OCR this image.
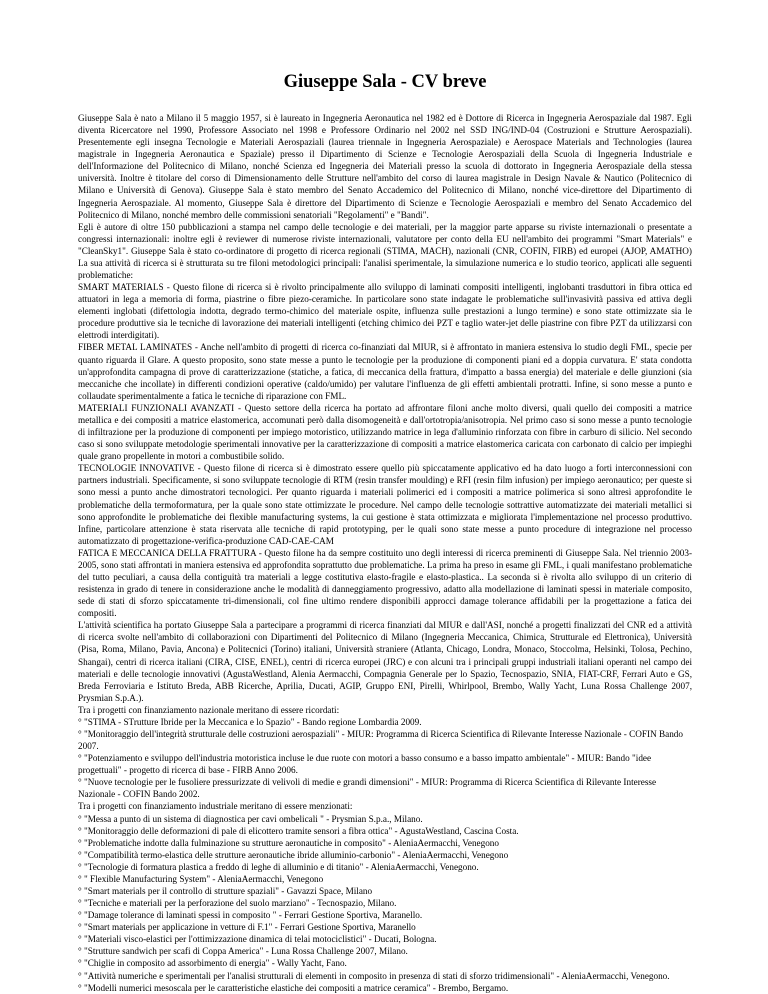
Giuseppe Sala - CV breve

Giuseppe Sala è nato a Milano il 5 maggio 1957, si è laureato in Ingegneria Aeronautica nel 1982 ed è Dottore di Ricerca in Ingegneria Aerospaziale dal 1987. Egli diventa Ricercatore nel 1990, Professore Associato nel 1998 e Professore Ordinario nel 2002 nel SSD ING/IND-04 (Costruzioni e Strutture Aerospaziali). Presentemente egli insegna Tecnologie e Materiali Aerospaziali (laurea triennale in Ingegneria Aerospaziale) e Aerospace Materials and Technologies (laurea magistrale in Ingegneria Aeronautica e Spaziale) presso il Dipartimento di Scienze e Tecnologie Aerospaziali della Scuola di Ingegneria Industriale e dell'Informazione del Politecnico di Milano, nonché Scienza ed Ingegneria dei Materiali presso la scuola di dottorato in Ingegneria Aerospaziale della stessa università. Inoltre è titolare del corso di Dimensionamento delle Strutture nell'ambito del corso di laurea magistrale in Design Navale & Nautico (Politecnico di Milano e Università di Genova). Giuseppe Sala è stato membro del Senato Accademico del Politecnico di Milano, nonché vice-direttore del Dipartimento di Ingegneria Aerospaziale. Al momento, Giuseppe Sala è direttore del Dipartimento di Scienze e Tecnologie Aerospaziali e membro del Senato Accademico del Politecnico di Milano, nonché membro delle commissioni senatoriali "Regolamenti" e "Bandi".

Egli è autore di oltre 150 pubblicazioni a stampa nel campo delle tecnologie e dei materiali, per la maggior parte apparse su riviste internazionali o presentate a congressi internazionali: inoltre egli è reviewer di numerose riviste internazionali, valutatore per conto della EU nell'ambito dei programmi "Smart Materials" e "CleanSky1". Giuseppe Sala è stato co-ordinatore di progetto di ricerca regionali (STIMA, MACH), nazionali (CNR, COFIN, FIRB) ed europei (AJOP, AMATHO) La sua attività di ricerca si è strutturata su tre filoni metodologici principali: l'analisi sperimentale, la simulazione numerica e lo studio teorico, applicati alle seguenti problematiche:

SMART MATERIALS - Questo filone di ricerca si è rivolto principalmente allo sviluppo di laminati compositi intelligenti, inglobanti trasduttori in fibra ottica ed attuatori in lega a memoria di forma, piastrine o fibre piezo-ceramiche. In particolare sono state indagate le problematiche sull'invasività passiva ed attiva degli elementi inglobati (difettologia indotta, degrado termo-chimico del materiale ospite, influenza sulle prestazioni a lungo termine) e sono state ottimizzate sia le procedure produttive sia le tecniche di lavorazione dei materiali intelligenti (etching chimico dei PZT e taglio water-jet delle piastrine con fibre PZT da utilizzarsi con elettrodi interdigitati).

FIBER METAL LAMINATES - Anche nell'ambito di progetti di ricerca co-finanziati dal MIUR, si è affrontato in maniera estensiva lo studio degli FML, specie per quanto riguarda il Glare. A questo proposito, sono state messe a punto le tecnologie per la produzione di componenti piani ed a doppia curvatura. E' stata condotta un'approfondita campagna di prove di caratterizzazione (statiche, a fatica, di meccanica della frattura, d'impatto a bassa energia) del materiale e delle giunzioni (sia meccaniche che incollate) in differenti condizioni operative (caldo/umido) per valutare l'influenza de gli effetti ambientali protratti. Infine, si sono messe a punto e collaudate sperimentalmente a fatica le tecniche di riparazione con FML.

MATERIALI FUNZIONALI AVANZATI - Questo settore della ricerca ha portato ad affrontare filoni anche molto diversi, quali quello dei compositi a matrice metallica e dei compositi a matrice elastomerica, accomunati però dalla disomogeneità e dall'ortotropia/anisotropia. Nel primo caso si sono messe a punto tecnologie di infiltrazione per la produzione di componenti per impiego motoristico, utilizzando matrice in lega d'alluminio rinforzata con fibre in carburo di silicio. Nel secondo caso si sono sviluppate metodologie sperimentali innovative per la caratterizzazione di compositi a matrice elastomerica caricata con carbonato di calcio per impieghi quale grano propellente in motori a combustibile solido.

TECNOLOGIE INNOVATIVE - Questo filone di ricerca si è dimostrato essere quello più spiccatamente applicativo ed ha dato luogo a forti interconnessioni con partners industriali. Specificamente, si sono sviluppate tecnologie di RTM (resin transfer moulding) e RFI (resin film infusion) per impiego aeronautico; per queste si sono messi a punto anche dimostratori tecnologici. Per quanto riguarda i materiali polimerici ed i compositi a matrice polimerica si sono altresì approfondite le problematiche della termoformatura, per la quale sono state ottimizzate le procedure. Nel campo delle tecnologie sottrattive automatizzate dei materiali metallici si sono approfondite le problematiche dei flexible manufacturing systems, la cui gestione è stata ottimizzata e migliorata l'implementazione nel processo produttivo. Infine, particolare attenzione è stata riservata alle tecniche di rapid prototyping, per le quali sono state messe a punto procedure di integrazione nel processo automatizzato di progettazione-verifica-produzione CAD-CAE-CAM

FATICA E MECCANICA DELLA FRATTURA - Questo filone ha da sempre costituito uno degli interessi di ricerca preminenti di Giuseppe Sala. Nel triennio 2003-2005, sono stati affrontati in maniera estensiva ed approfondita soprattutto due problematiche. La prima ha preso in esame gli FML, i quali manifestano problematiche del tutto peculiari, a causa della contiguità tra materiali a legge costitutiva elasto-fragile e elasto-plastica.. La seconda si è rivolta allo sviluppo di un criterio di resistenza in grado di tenere in considerazione anche le modalità di danneggiamento progressivo, adatto alla modellazione di laminati spessi in materiale composito, sede di stati di sforzo spiccatamente tri-dimensionali, col fine ultimo rendere disponibili approcci damage tolerance affidabili per la progettazione a fatica dei compositi.

L'attività scientifica ha portato Giuseppe Sala a partecipare a programmi di ricerca finanziati dal MIUR e dall'ASI, nonché a progetti finalizzati del CNR ed a attività di ricerca svolte nell'ambito di collaborazioni con Dipartimenti del Politecnico di Milano (Ingegneria Meccanica, Chimica, Strutturale ed Elettronica), Università (Pisa, Roma, Milano, Pavia, Ancona) e Politecnici (Torino) italiani, Università straniere (Atlanta, Chicago, Londra, Monaco, Stoccolma, Helsinki, Tolosa, Pechino, Shangai), centri di ricerca italiani (CIRA, CISE, ENEL), centri di ricerca europei (JRC) e con alcuni tra i principali gruppi industriali italiani operanti nel campo dei materiali e delle tecnologie innovativi (AgustaWestland, Alenia Aermacchi, Compagnia Generale per lo Spazio, Tecnospazio, SNIA, FIAT-CRF, Ferrari Auto e GS, Breda Ferroviaria e Istituto Breda, ABB Ricerche, Aprilia, Ducati, AGIP, Gruppo ENI, Pirelli, Whirlpool, Brembo, Wally Yacht, Luna Rossa Challenge 2007, Prysmian S.p.A.).

Tra i progetti con finanziamento nazionale meritano di essere ricordati:

° "STIMA - STrutture Ibride per la Meccanica e lo Spazio" - Bando regione Lombardia 2009.

° "Monitoraggio dell'integrità strutturale delle costruzioni aerospaziali" - MIUR: Programma di Ricerca Scientifica di Rilevante Interesse Nazionale - COFIN Bando 2007.

° "Potenziamento e sviluppo dell'industria motoristica incluse le due ruote con motori a basso consumo e a basso impatto ambientale" - MIUR: Bando "idee progettuali" - progetto di ricerca di base - FIRB Anno 2006.

° "Nuove tecnologie per le fusoliere pressurizzate di velivoli di medie e grandi dimensioni" - MIUR: Programma di Ricerca Scientifica di Rilevante Interesse Nazionale - COFIN Bando 2002.

Tra i progetti con finanziamento industriale meritano di essere menzionati:

° "Messa a punto di un sistema di diagnostica per cavi ombelicali " - Prysmian S.p.a., Milano.

° "Monitoraggio delle deformazioni di pale di elicottero tramite sensori a fibra ottica" - AgustaWestland, Cascina Costa.

° "Problematiche indotte dalla fulminazione su strutture aeronautiche in composito" - AleniaAermacchi, Venegono

° "Compatibilità termo-elastica delle strutture aeronautiche ibride alluminio-carbonio" - AleniaAermacchi, Venegono

° "Tecnologie di formatura plastica a freddo di leghe di alluminio e di titanio" - AleniaAermacchi, Venegono.

° " Flexible Manufacturing System" - AleniaAermacchi, Venegono

° "Smart materials per il controllo di strutture spaziali" - Gavazzi Space, Milano

° "Tecniche e materiali per la perforazione del suolo marziano" - Tecnospazio, Milano.

° "Damage tolerance di laminati spessi in composito " - Ferrari Gestione Sportiva, Maranello.

° "Smart materials per applicazione in vetture di F.1" - Ferrari Gestione Sportiva, Maranello

° "Materiali visco-elastici per l'ottimizzazione dinamica di telai motociclistici" - Ducati, Bologna.

° "Strutture sandwich per scafi di Coppa America" - Luna Rossa Challenge 2007, Milano.

° "Chiglie in composito ad assorbimento di energia" - Wally Yacht, Fano.

° "Attività numeriche e sperimentali per l'analisi strutturali di elementi in composito in presenza di stati di sforzo tridimensionali" - AleniaAermacchi, Venegono.

° "Modelli numerici mesoscala per le caratteristiche elastiche dei compositi a matrice ceramica" - Brembo, Bergamo.
